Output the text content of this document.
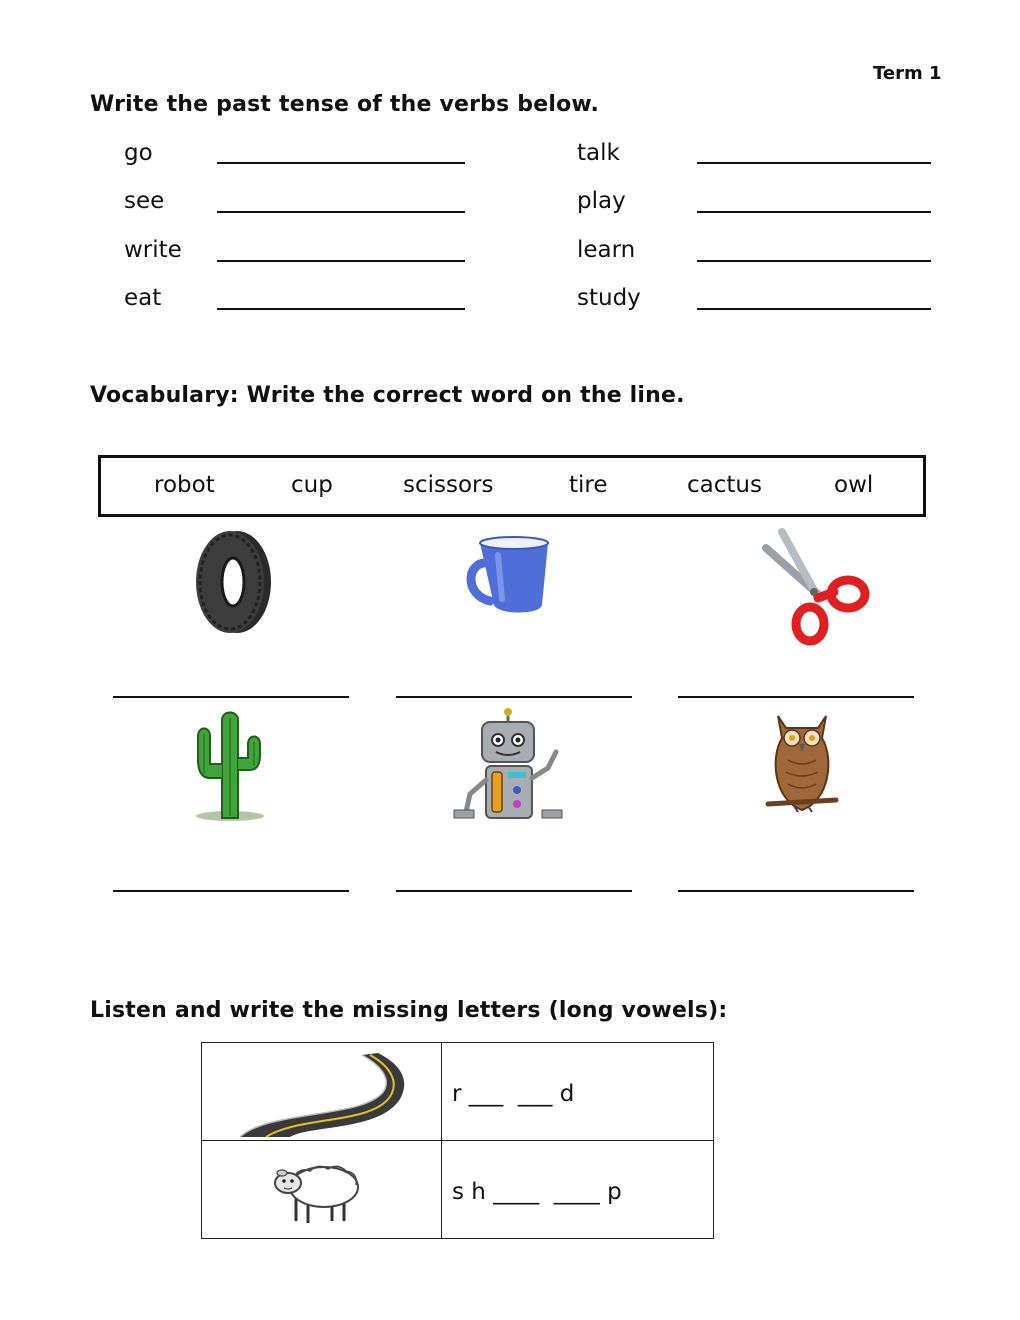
Term 1
Write the past tense of the verbs below.
go
see
write
eat
talk
play
learn
study
Vocabulary: Write the correct word on the line.
robot	cup	scissors	tire	cactus	owl
Listen and write the missing letters (long vowels):

r ___  ___ d

s h ____  ____ p
